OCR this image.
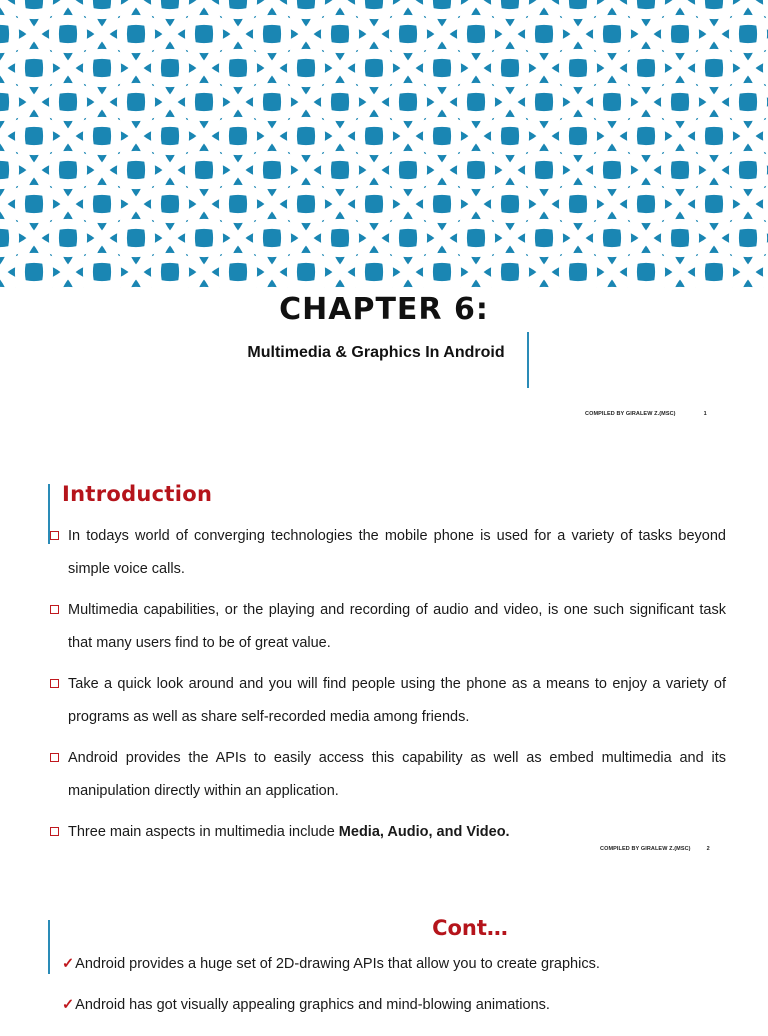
CHAPTER 6:
Multimedia & Graphics In Android
COMPILED BY GIRALEW Z.(MSC)	1
Introduction
In todays world of converging technologies the mobile phone is used for a variety of tasks beyond simple voice calls.
Multimedia capabilities, or the playing and recording of audio and video, is one such significant task that many users find to be of great value.
Take a quick look around and you will find people using the phone as a means to enjoy a variety of programs as well as share self-recorded media among friends.
Android provides the APIs to easily access this capability as well as embed multimedia and its manipulation directly within an application.
Three main aspects in multimedia include Media, Audio, and Video.
COMPILED BY GIRALEW Z.(MSC)	2
Cont…
✓Android provides a huge set of 2D-drawing APIs that allow you to create graphics.
✓Android has got visually appealing graphics and mind-blowing animations.
